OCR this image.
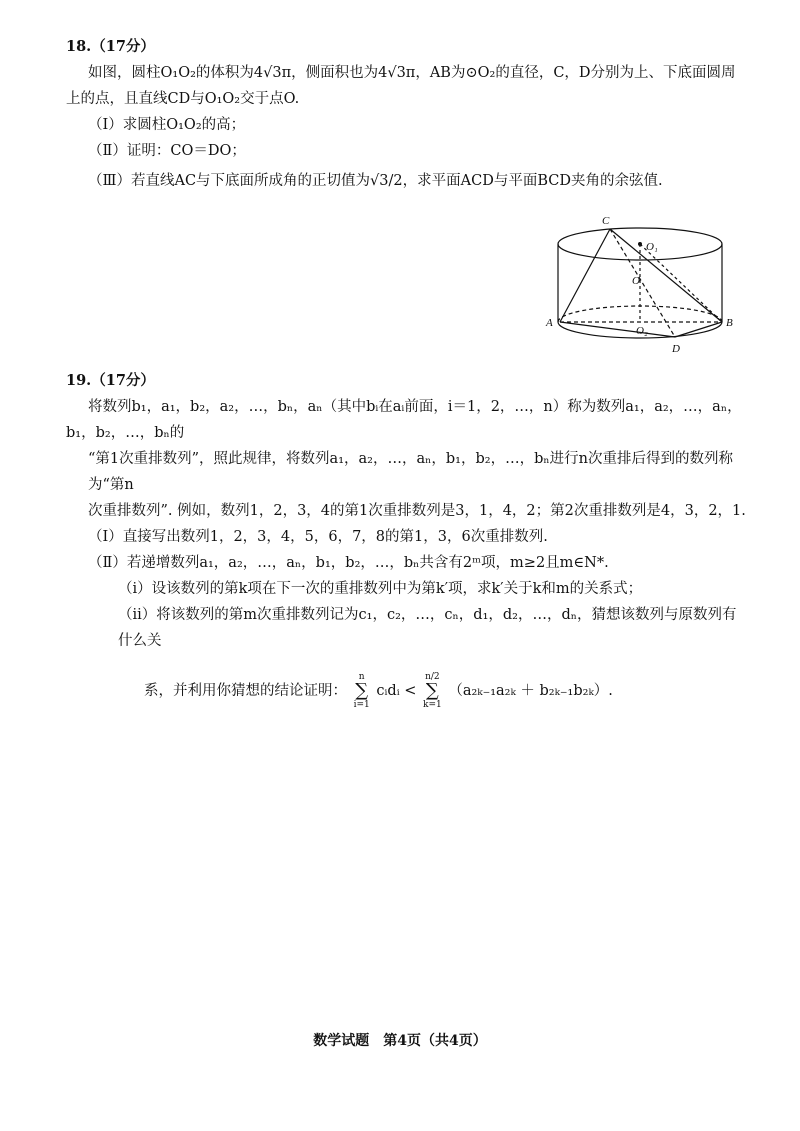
18.（17分）

如图，圆柱O₁O₂的体积为4√3π，侧面积也为4√3π，AB为⊙O₂的直径，C，D分别为上、下底面圆周上的点，且直线CD与O₁O₂交于点O.

（Ⅰ）求圆柱O₁O₂的高；

（Ⅱ）证明：CO＝DO；

（Ⅲ）若直线AC与下底面所成角的正切值为√3/2，求平面ACD与平面BCD夹角的余弦值.

C
O₁
O
A
O₂
B
D
19.（17分）

将数列b₁，a₁，b₂，a₂，…，bₙ，aₙ（其中bᵢ在aᵢ前面，i＝1，2，…，n）称为数列a₁，a₂，…，aₙ，b₁，b₂，…，bₙ的

“第1次重排数列”，照此规律，将数列a₁，a₂，…，aₙ，b₁，b₂，…，bₙ进行n次重排后得到的数列称为“第n

次重排数列”. 例如，数列1，2，3，4的第1次重排数列是3，1，4，2；第2次重排数列是4，3，2，1.

（Ⅰ）直接写出数列1，2，3，4，5，6，7，8的第1，3，6次重排数列.

（Ⅱ）若递增数列a₁，a₂，…，aₙ，b₁，b₂，…，bₙ共含有2ᵐ项，m≥2且m∈N*.

（ⅰ）设该数列的第k项在下一次的重排数列中为第k′项，求k′关于k和m的关系式；

（ⅱ）将该数列的第m次重排数列记为c₁，c₂，…，cₙ，d₁，d₂，…，dₙ，猜想该数列与原数列有什么关

系，并利用你猜想的结论证明：
n
∑
i=1
cᵢdᵢ <
n/2
∑
k=1
（a₂ₖ₋₁a₂ₖ ＋ b₂ₖ₋₁b₂ₖ）.

数学试题　第4页（共4页）
